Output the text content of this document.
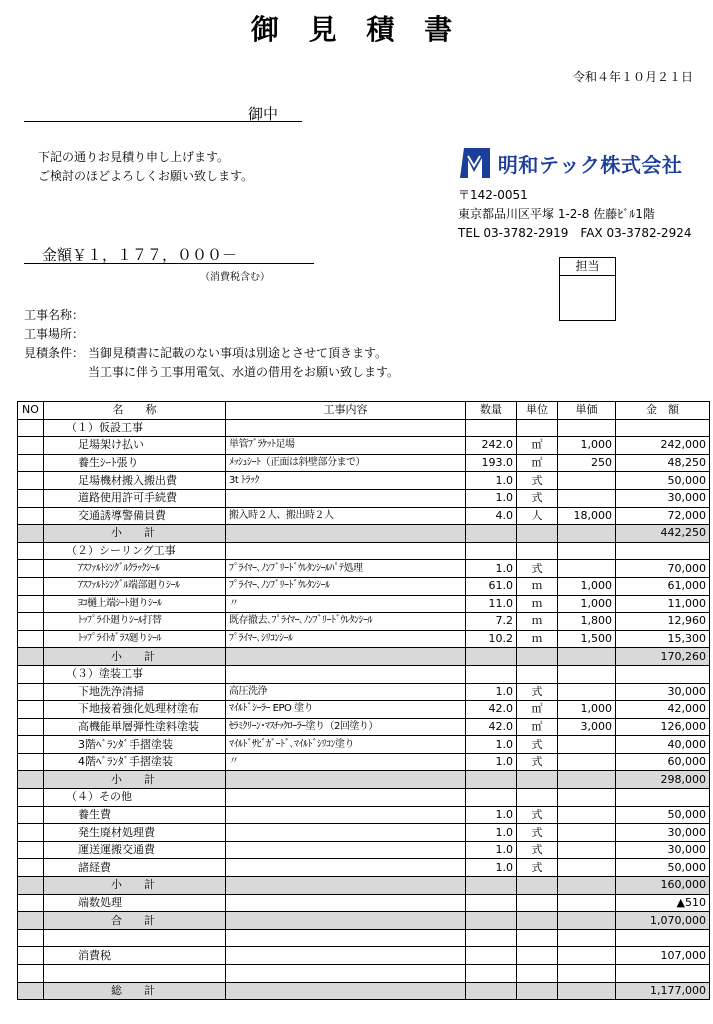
御 見 積 書
令和４年１０月２１日
御中
下記の通りお見積り申し上げます。
ご検討のほどよろしくお願い致します。	明和テック株式会社
〒142-0051
東京都品川区平塚 1-2-8 佐藤ﾋﾞﾙ1階
TEL 03-3782-2919　FAX 03-3782-2924
金額￥１，１７７，０００－
（消費税含む）
担当
工事名称：
工事場所：
見積条件： 当御見積書に記載のない事項は別途とさせて頂きます。
当工事に伴う工事用電気、水道の借用をお願い致します。
NO	名　　称	工事内容	数量	単位	単価	金　額
	（１）仮設工事					
	足場架け払い	単管ﾌﾞﾗｹｯﾄ足場	242.0	㎡	1,000	242,000
	養生ｼｰﾄ張り	ﾒｯｼｭｼｰﾄ（正面は斜壁部分まで）	193.0	㎡	250	48,250
	足場機材搬入搬出費	3t ﾄﾗｯｸ	1.0	式		50,000
	道路使用許可手続費		1.0	式		30,000
	交通誘導警備員費	搬入時２人、搬出時２人	4.0	人	18,000	72,000
	小　　計					442,250
	（２）シーリング工事					
	ｱｽﾌｧﾙﾄｼﾝｸﾞﾙｸﾗｯｸｼｰﾙ	ﾌﾟﾗｲﾏｰ､ﾉﾝﾌﾞﾘｰﾄﾞｳﾚﾀﾝｼｰﾙﾊﾟﾃ処理	1.0	式		70,000
	ｱｽﾌｧﾙﾄｼﾝｸﾞﾙ端部廻りｼｰﾙ	ﾌﾟﾗｲﾏｰ､ﾉﾝﾌﾞﾘｰﾄﾞｳﾚﾀﾝｼｰﾙ	61.0	ｍ	1,000	61,000
	ﾖｺ樋上端ｼｰﾄ廻りｼｰﾙ	〃	11.0	ｍ	1,000	11,000
	ﾄｯﾌﾟﾗｲﾄ廻りｼｰﾙ打替	既存撤去､ﾌﾟﾗｲﾏｰ､ﾉﾝﾌﾞﾘｰﾄﾞｳﾚﾀﾝｼｰﾙ	7.2	ｍ	1,800	12,960
	ﾄｯﾌﾟﾗｲﾄｶﾞﾗｽ廻りｼｰﾙ	ﾌﾟﾗｲﾏｰ､ｼﾘｺﾝｼｰﾙ	10.2	ｍ	1,500	15,300
	小　　計					170,260
	（３）塗装工事					
	下地洗浄清掃	高圧洗浄	1.0	式		30,000
	下地接着強化処理材塗布	ﾏｲﾙﾄﾞｼｰﾗｰ EPO 塗り	42.0	㎡	1,000	42,000
	高機能単層弾性塗料塗装	ｾﾗﾐｸﾘｰﾝ･ﾏｽﾁｯｸﾛｰﾗｰ塗り（2回塗り）	42.0	㎡	3,000	126,000
	3階ﾍﾞﾗﾝﾀﾞ手摺塗装	ﾏｲﾙﾄﾞｻﾋﾞｶﾞｰﾄﾞ､ﾏｲﾙﾄﾞｼﾘｺﾝ塗り	1.0	式		40,000
	4階ﾍﾞﾗﾝﾀﾞ手摺塗装	〃	1.0	式		60,000
	小　　計					298,000
	（４）その他					
	養生費		1.0	式		50,000
	発生廃材処理費		1.0	式		30,000
	運送運搬交通費		1.0	式		30,000
	諸経費		1.0	式		50,000
	小　　計					160,000
	端数処理					▲510
	合　　計					1,070,000

	消費税					107,000

	総　　計					1,177,000
